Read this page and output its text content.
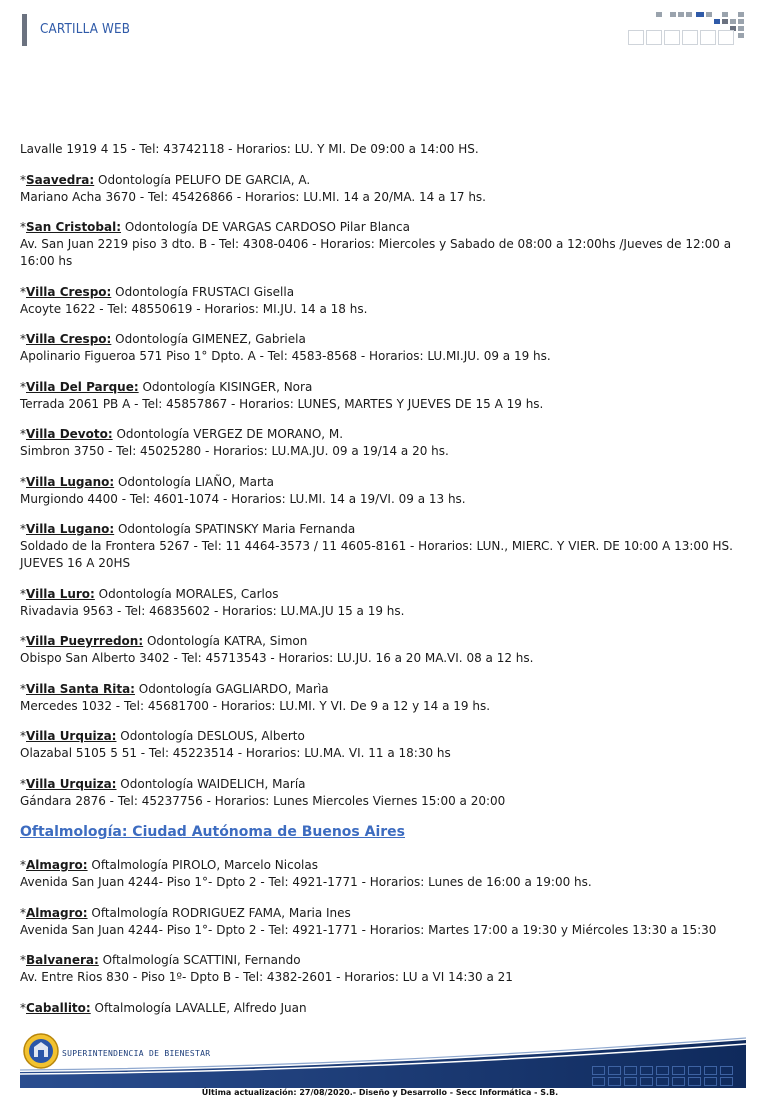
CARTILLA WEB

Lavalle 1919 4 15 - Tel: 43742118 - Horarios: LU. Y MI. De 09:00 a 14:00 HS.

*Saavedra: Odontología PELUFO DE GARCIA, A.

Mariano Acha 3670 - Tel: 45426866 - Horarios: LU.MI. 14 a 20/MA. 14 a 17 hs.

*San Cristobal: Odontología DE VARGAS CARDOSO Pilar Blanca

Av. San Juan 2219 piso 3 dto. B - Tel: 4308-0406 - Horarios: Miercoles y Sabado de 08:00 a 12:00hs /Jueves de 12:00 a 16:00 hs

*Villa Crespo: Odontología FRUSTACI Gisella

Acoyte 1622 - Tel: 48550619 - Horarios: MI.JU. 14 a 18 hs.

*Villa Crespo: Odontología GIMENEZ, Gabriela

Apolinario Figueroa 571 Piso 1° Dpto. A - Tel: 4583-8568 - Horarios: LU.MI.JU. 09 a 19 hs.

*Villa Del Parque: Odontología KISINGER, Nora

Terrada 2061 PB A - Tel: 45857867 - Horarios: LUNES, MARTES Y JUEVES DE 15 A 19 hs.

*Villa Devoto: Odontología VERGEZ DE MORANO, M.

Simbron 3750 - Tel: 45025280 - Horarios: LU.MA.JU. 09 a 19/14 a 20 hs.

*Villa Lugano: Odontología LIAÑO, Marta

Murgiondo 4400 - Tel: 4601-1074 - Horarios: LU.MI. 14 a 19/VI. 09 a 13 hs.

*Villa Lugano: Odontología SPATINSKY Maria Fernanda

Soldado de la Frontera 5267 - Tel: 11 4464-3573 / 11 4605-8161 - Horarios: LUN., MIERC. Y VIER. DE 10:00 A 13:00 HS. JUEVES 16 A 20HS

*Villa Luro: Odontología MORALES, Carlos

Rivadavia 9563 - Tel: 46835602 - Horarios: LU.MA.JU 15 a 19 hs.

*Villa Pueyrredon: Odontología KATRA, Simon

Obispo San Alberto 3402 - Tel: 45713543 - Horarios: LU.JU. 16 a 20 MA.VI. 08 a 12 hs.

*Villa Santa Rita: Odontología GAGLIARDO, Marìa

Mercedes 1032 - Tel: 45681700 - Horarios: LU.MI. Y VI. De 9 a 12 y 14 a 19 hs.

*Villa Urquiza: Odontología DESLOUS, Alberto

Olazabal 5105 5 51 - Tel: 45223514 - Horarios: LU.MA. VI. 11 a 18:30 hs

*Villa Urquiza: Odontología WAIDELICH, María

Gándara 2876 - Tel: 45237756 - Horarios: Lunes Miercoles Viernes 15:00 a 20:00

Oftalmología: Ciudad Autónoma de Buenos Aires

*Almagro: Oftalmología PIROLO, Marcelo Nicolas

Avenida San Juan 4244- Piso 1°- Dpto 2 - Tel: 4921-1771 - Horarios: Lunes de 16:00 a 19:00 hs.

*Almagro: Oftalmología RODRIGUEZ FAMA, Maria Ines

Avenida San Juan 4244- Piso 1°- Dpto 2 - Tel: 4921-1771 - Horarios: Martes 17:00 a 19:30 y Miércoles 13:30 a 15:30

*Balvanera: Oftalmología SCATTINI, Fernando

Av. Entre Rios 830 - Piso 1º- Dpto B - Tel: 4382-2601 - Horarios: LU a VI 14:30 a 21

*Caballito: Oftalmología LAVALLE, Alfredo Juan

SUPERINTENDENCIA DE BIENESTAR
Última actualización: 27/08/2020.- Diseño y Desarrollo - Secc Informática - S.B.
